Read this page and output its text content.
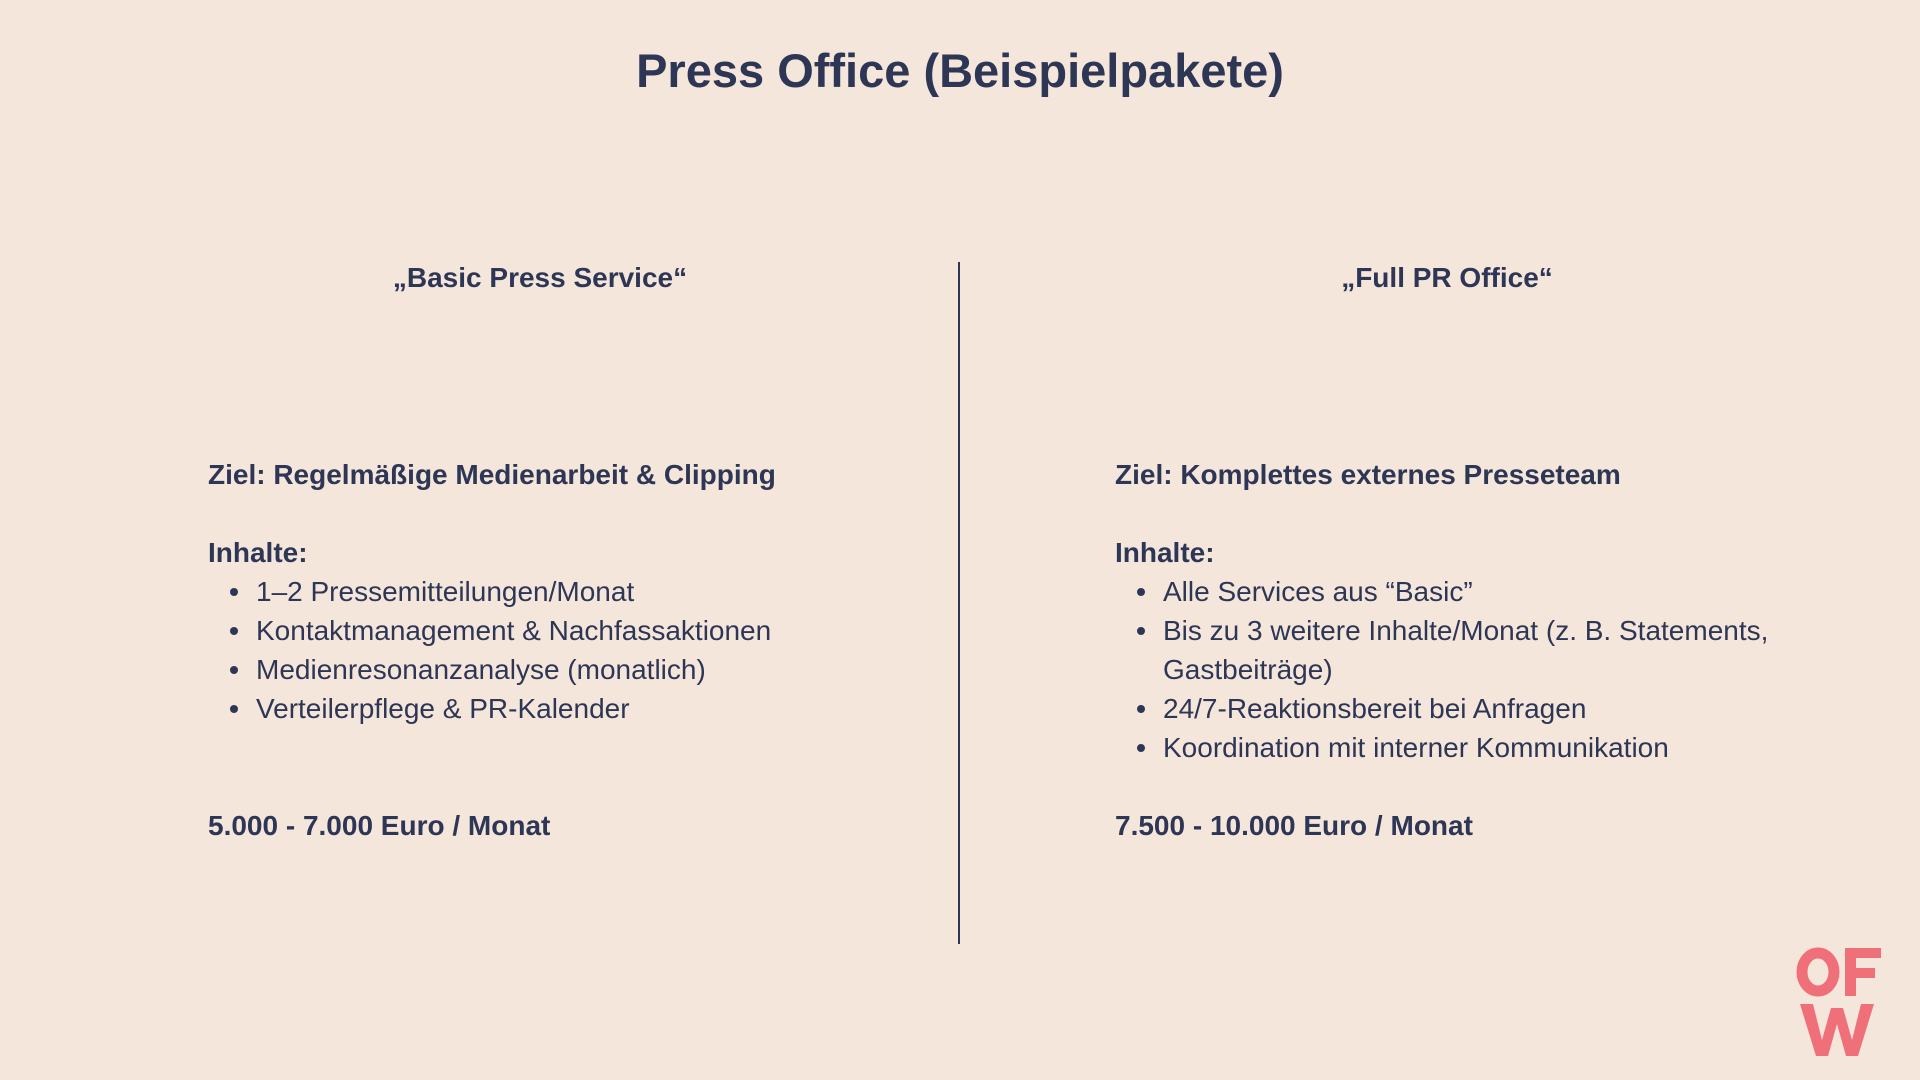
Press Office (Beispielpakete)
„Basic Press Service“

Ziel: Regelmäßige Medienarbeit & Clipping

Inhalte:

1–2 Pressemitteilungen/Monat
Kontaktmanagement & Nachfassaktionen
Medienresonanzanalyse (monatlich)
Verteilerpflege & PR-Kalender

5.000 - 7.000 Euro / Monat

„Full PR Office“

Ziel: Komplettes externes Presseteam

Inhalte:

Alle Services aus “Basic”
Bis zu 3 weitere Inhalte/Monat (z. B. Statements, Gastbeiträge)
24/7-Reaktionsbereit bei Anfragen
Koordination mit interner Kommunikation

7.500 - 10.000 Euro / Monat
